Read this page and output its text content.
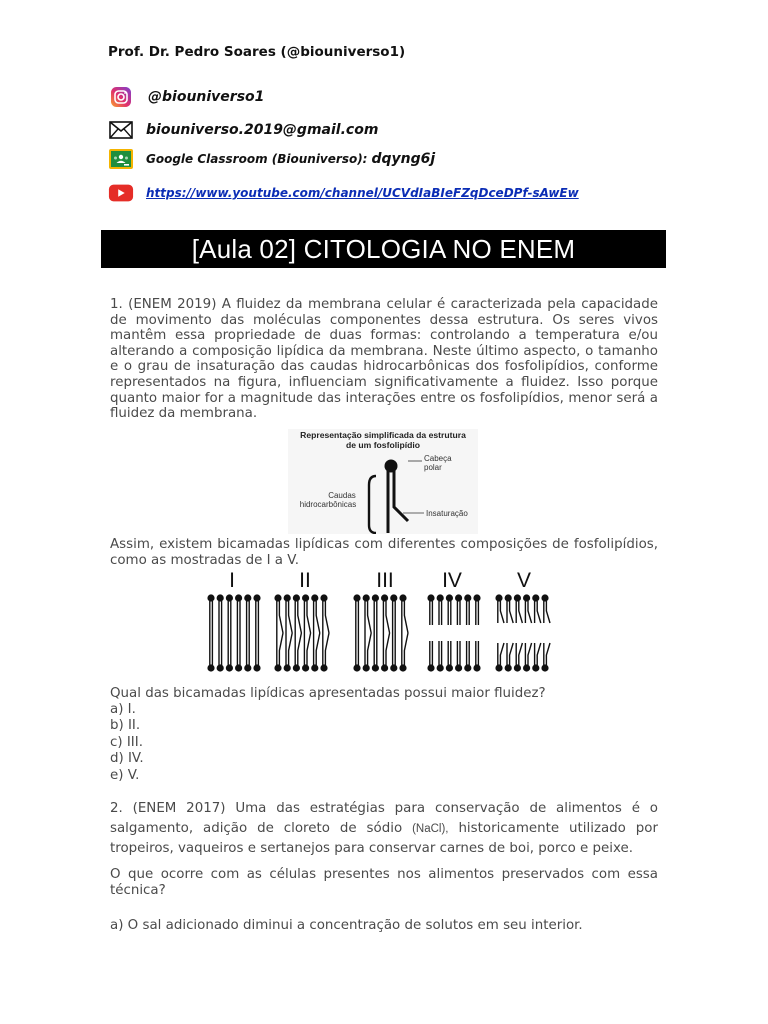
Prof. Dr. Pedro Soares (@biouniverso1)
@biouniverso1
biouniverso.2019@gmail.com
Google Classroom (Biouniverso): dqyng6j
https://www.youtube.com/channel/UCVdIaBIeFZqDceDPf-sAwEw
[Aula 02] CITOLOGIA NO ENEM
1. (ENEM 2019) A fluidez da membrana celular é caracterizada pela capacidade de movimento das moléculas componentes dessa estrutura. Os seres vivos mantêm essa propriedade de duas formas: controlando a temperatura e/ou alterando a composição lipídica da membrana. Neste último aspecto, o tamanho e o grau de insaturação das caudas hidrocarbônicas dos fosfolipídios, conforme representados na figura, influenciam significativamente a fluidez. Isso porque quanto maior for a magnitude das interações entre os fosfolipídios, menor será a fluidez da membrana.
Representação simplificada da estrutura
de um fosfolipídio
Cabeça
polar
Caudas
hidrocarbônicas
Insaturação
Assim, existem bicamadas lipídicas com diferentes composições de fosfolipídios, como as mostradas de I a V.
I	II	III IV	V
Qual das bicamadas lipídicas apresentadas possui maior fluidez?
a) I.
b) II.
c) III.
d) IV.
e) V.
2. (ENEM 2017) Uma das estratégias para conservação de alimentos é o salgamento, adição de cloreto de sódio (NaCl), historicamente utilizado por tropeiros, vaqueiros e sertanejos para conservar carnes de boi, porco e peixe.
O que ocorre com as células presentes nos alimentos preservados com essa técnica?
a) O sal adicionado diminui a concentração de solutos em seu interior.
